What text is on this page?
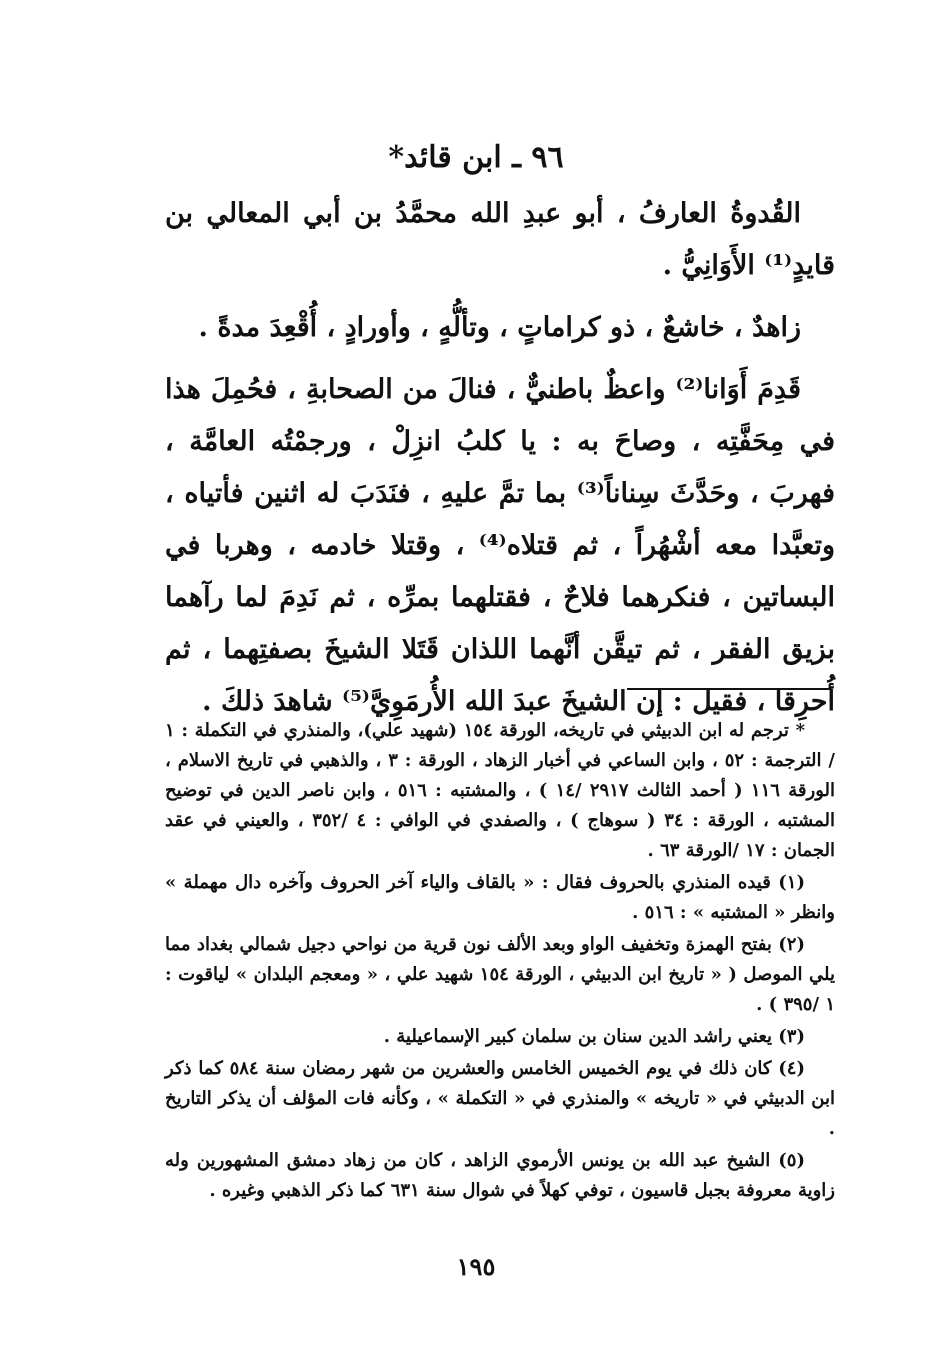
٩٦ ـ ابن قائد*

القُدوةُ العارفُ ، أبو عبدِ الله محمَّدُ بن أبي المعالي بن قايدٍ⁽¹⁾ الأَوَانِيُّ .

زاهدٌ ، خاشعٌ ، ذو كراماتٍ ، وتألُّهٍ ، وأورادٍ ، أُقْعِدَ مدةً .

قَدِمَ أَوَانا⁽²⁾ واعظٌ باطنيٌّ ، فنالَ من الصحابةِ ، فحُمِلَ هذا في مِحَفَّتِه ، وصاحَ به : يا كلبُ انزِلْ ، ورجمْتُه العامَّة ، فهربَ ، وحَدَّثَ سِناناً⁽³⁾ بما تمَّ عليهِ ، فنَدَبَ له اثنين فأتياه ، وتعبَّدا معه أشْهُراً ، ثم قتلاه⁽⁴⁾ ، وقتلا خادمه ، وهربا في البساتين ، فنكرهما فلاحٌ ، فقتلهما بمرِّه ، ثم نَدِمَ لما رآهما بزيق الفقر ، ثم تيقَّن أنَّهما اللذان قَتَلا الشيخَ بصفتِهما ، ثم أُحرِقا ، فقيل : إن الشيخَ عبدَ الله الأُرمَوِيَّ⁽⁵⁾ شاهدَ ذلكَ .

* ترجم له ابن الدبيثي في تاريخه، الورقة ١٥٤ (شهيد علي)، والمنذري في التكملة : ١ / الترجمة : ٥٢ ، وابن الساعي في أخبار الزهاد ، الورقة : ٣ ، والذهبي في تاريخ الاسلام ، الورقة ١١٦ ( أحمد الثالث ٢٩١٧ /١٤ ) ، والمشتبه : ٥١٦ ، وابن ناصر الدين في توضيح المشتبه ، الورقة : ٣٤ ( سوهاج ) ، والصفدي في الوافي : ٤ /٣٥٢ ، والعيني في عقد الجمان : ١٧ /الورقة ٦٣ .

(١) قيده المنذري بالحروف فقال : « بالقاف والياء آخر الحروف وآخره دال مهملة » وانظر « المشتبه » : ٥١٦ .

(٢) بفتح الهمزة وتخفيف الواو وبعد الألف نون قرية من نواحي دجيل شمالي بغداد مما يلي الموصل ( « تاريخ ابن الدبيثي ، الورقة ١٥٤ شهيد علي ، « ومعجم البلدان » لياقوت : ١ /٣٩٥ ) .

(٣) يعني راشد الدين سنان بن سلمان كبير الإسماعيلية .

(٤) كان ذلك في يوم الخميس الخامس والعشرين من شهر رمضان سنة ٥٨٤ كما ذكر ابن الدبيثي في « تاريخه » والمنذري في « التكملة » ، وكأنه فات المؤلف أن يذكر التاريخ .

(٥) الشيخ عبد الله بن يونس الأرموي الزاهد ، كان من زهاد دمشق المشهورين وله زاوية معروفة بجبل قاسيون ، توفي كهلاً في شوال سنة ٦٣١ كما ذكر الذهبي وغيره .

١٩٥
